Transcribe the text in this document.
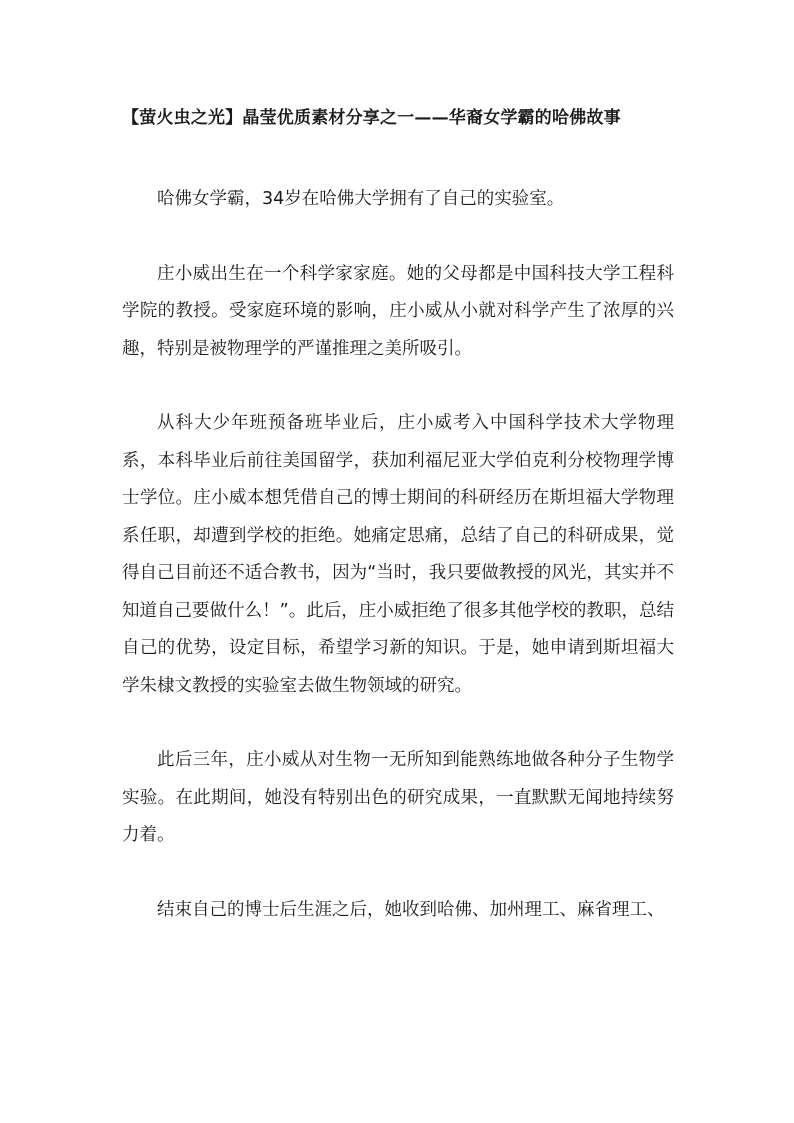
【萤火虫之光】晶莹优质素材分享之一——华裔女学霸的哈佛故事

哈佛女学霸，34岁在哈佛大学拥有了自己的实验室。

庄小威出生在一个科学家家庭。她的父母都是中国科技大学工程科学院的教授。受家庭环境的影响，庄小威从小就对科学产生了浓厚的兴趣，特别是被物理学的严谨推理之美所吸引。

从科大少年班预备班毕业后，庄小威考入中国科学技术大学物理系，本科毕业后前往美国留学，获加利福尼亚大学伯克利分校物理学博士学位。庄小威本想凭借自己的博士期间的科研经历在斯坦福大学物理系任职，却遭到学校的拒绝。她痛定思痛，总结了自己的科研成果，觉得自己目前还不适合教书，因为“当时，我只要做教授的风光，其实并不知道自己要做什么！”。此后，庄小威拒绝了很多其他学校的教职，总结自己的优势，设定目标，希望学习新的知识。于是，她申请到斯坦福大学朱棣文教授的实验室去做生物领域的研究。

此后三年，庄小威从对生物一无所知到能熟练地做各种分子生物学实验。在此期间，她没有特别出色的研究成果，一直默默无闻地持续努力着。

结束自己的博士后生涯之后，她收到哈佛、加州理工、麻省理工、
